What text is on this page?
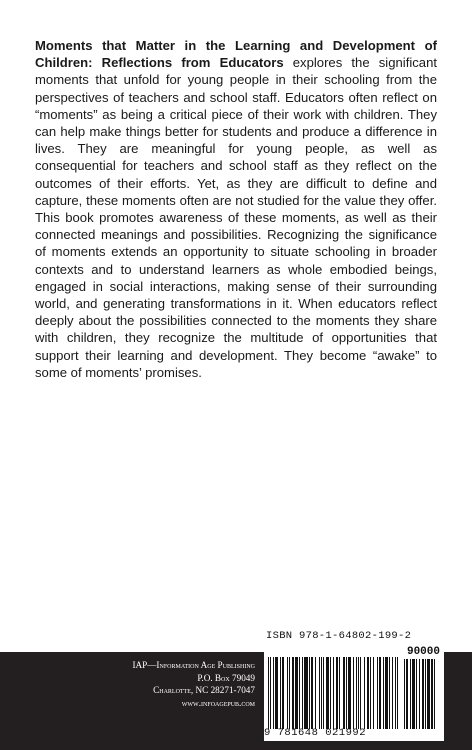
Moments that Matter in the Learning and Development of Children: Reflections from Educators explores the significant moments that unfold for young people in their schooling from the perspectives of teachers and school staff. Educators often reflect on “moments” as being a critical piece of their work with children. They can help make things better for students and produce a difference in lives. They are meaningful for young people, as well as consequential for teachers and school staff as they reflect on the outcomes of their efforts. Yet, as they are difficult to define and capture, these moments often are not studied for the value they offer. This book promotes awareness of these moments, as well as their connected meanings and possibilities. Recognizing the significance of moments extends an opportunity to situate schooling in broader contexts and to understand learners as whole embodied beings, engaged in social interactions, making sense of their surrounding world, and generating transformations in it. When educators reflect deeply about the possibilities connected to the moments they share with children, they recognize the multitude of opportunities that support their learning and development. They become “awake” to some of moments’ promises.

IAP—Information Age Publishing
P.O. Box 79049
Charlotte, NC 28271-7047
www.infoagepub.com
ISBN 978-1-64802-199-2
90000
9 781648 021992
